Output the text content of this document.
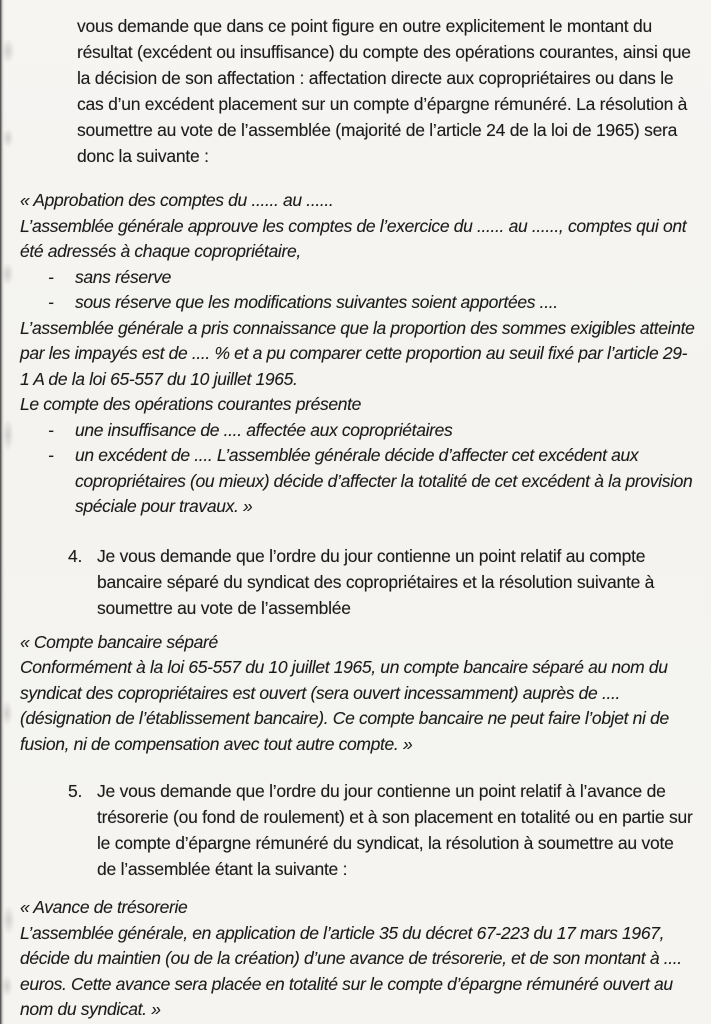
vous demande que dans ce point figure en outre explicitement le montant du résultat (excédent ou insuffisance) du compte des opérations courantes, ainsi que la décision de son affectation : affectation directe aux copropriétaires ou dans le cas d’un excédent placement sur un compte d’épargne rémunéré. La résolution à soumettre au vote de l’assemblée (majorité de l’article 24 de la loi de 1965) sera donc la suivante :

« Approbation des comptes du ...... au ......

L’assemblée générale approuve les comptes de l’exercice du ...... au ......, comptes qui ont été adressés à chaque copropriétaire,

-	sans réserve
-	sous réserve que les modifications suivantes soient apportées ....

L’assemblée générale a pris connaissance que la proportion des sommes exigibles atteinte par les impayés est de .... % et a pu comparer cette proportion au seuil fixé par l’article 29-1 A de la loi 65-557 du 10 juillet 1965.

Le compte des opérations courantes présente

-	une insuffisance de .... affectée aux copropriétaires
-	un excédent de .... L’assemblée générale décide d’affecter cet excédent aux copropriétaires (ou mieux) décide d’affecter la totalité de cet excédent à la provision spéciale pour travaux. »
4. Je vous demande que l’ordre du jour contienne un point relatif au compte bancaire séparé du syndicat des copropriétaires et la résolution suivante à soumettre au vote de l’assemblée

« Compte bancaire séparé

Conformément à la loi 65-557 du 10 juillet 1965, un compte bancaire séparé au nom du syndicat des copropriétaires est ouvert (sera ouvert incessamment) auprès de .... (désignation de l’établissement bancaire). Ce compte bancaire ne peut faire l’objet ni de fusion, ni de compensation avec tout autre compte. »

5. Je vous demande que l’ordre du jour contienne un point relatif à l’avance de trésorerie (ou fond de roulement) et à son placement en totalité ou en partie sur le compte d’épargne rémunéré du syndicat, la résolution à soumettre au vote de l’assemblée étant la suivante :

« Avance de trésorerie

L’assemblée générale, en application de l’article 35 du décret 67-223 du 17 mars 1967, décide du maintien (ou de la création) d’une avance de trésorerie, et de son montant à .... euros. Cette avance sera placée en totalité sur le compte d’épargne rémunéré ouvert au nom du syndicat. »
